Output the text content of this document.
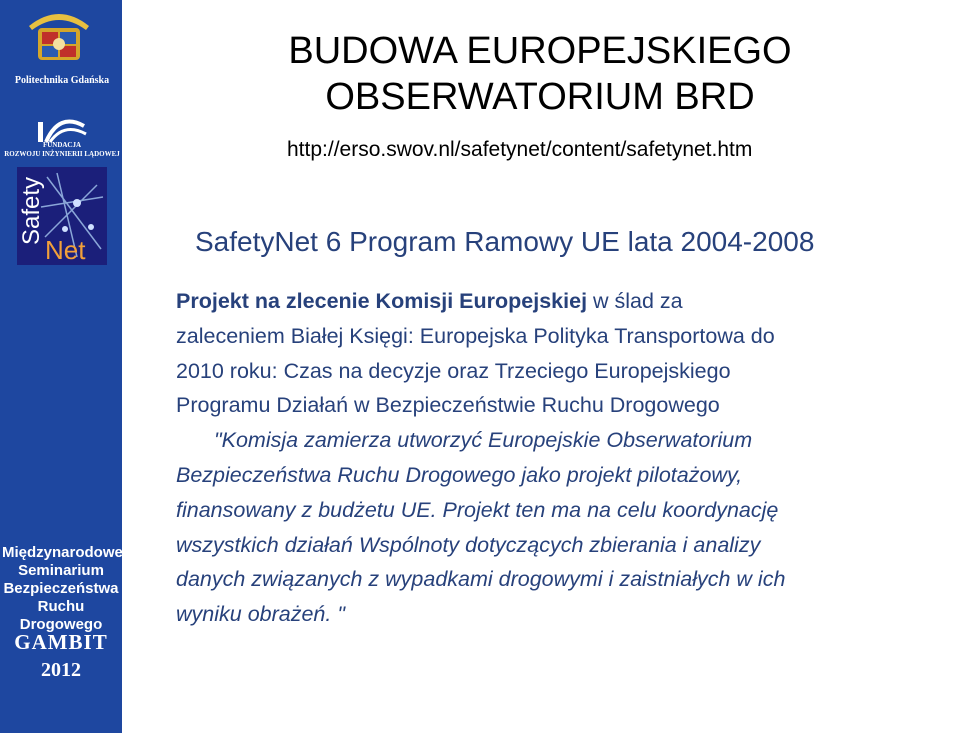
Politechnika Gdańska
FUNDACJA
ROZWOJU INŻYNIERII LĄDOWEJ
Safety
Net
Międzynarodowe
Seminarium
Bezpieczeństwa
Ruchu Drogowego
GAMBIT
2012
BUDOWA EUROPEJSKIEGO
OBSERWATORIUM BRD
http://erso.swov.nl/safetynet/content/safetynet.htm
SafetyNet 6 Program Ramowy UE lata 2004-2008
Projekt na zlecenie Komisji Europejskiej w ślad za
zaleceniem Białej Księgi: Europejska Polityka Transportowa do
2010 roku: Czas na decyzje oraz Trzeciego Europejskiego
Programu Działań w Bezpieczeństwie Ruchu Drogowego
"Komisja zamierza utworzyć Europejskie Obserwatorium
Bezpieczeństwa Ruchu Drogowego jako projekt pilotażowy,
finansowany z budżetu UE. Projekt ten ma na celu koordynację
wszystkich działań Wspólnoty dotyczących zbierania i analizy
danych związanych z wypadkami drogowymi i zaistniałych w ich
wyniku obrażeń. "
